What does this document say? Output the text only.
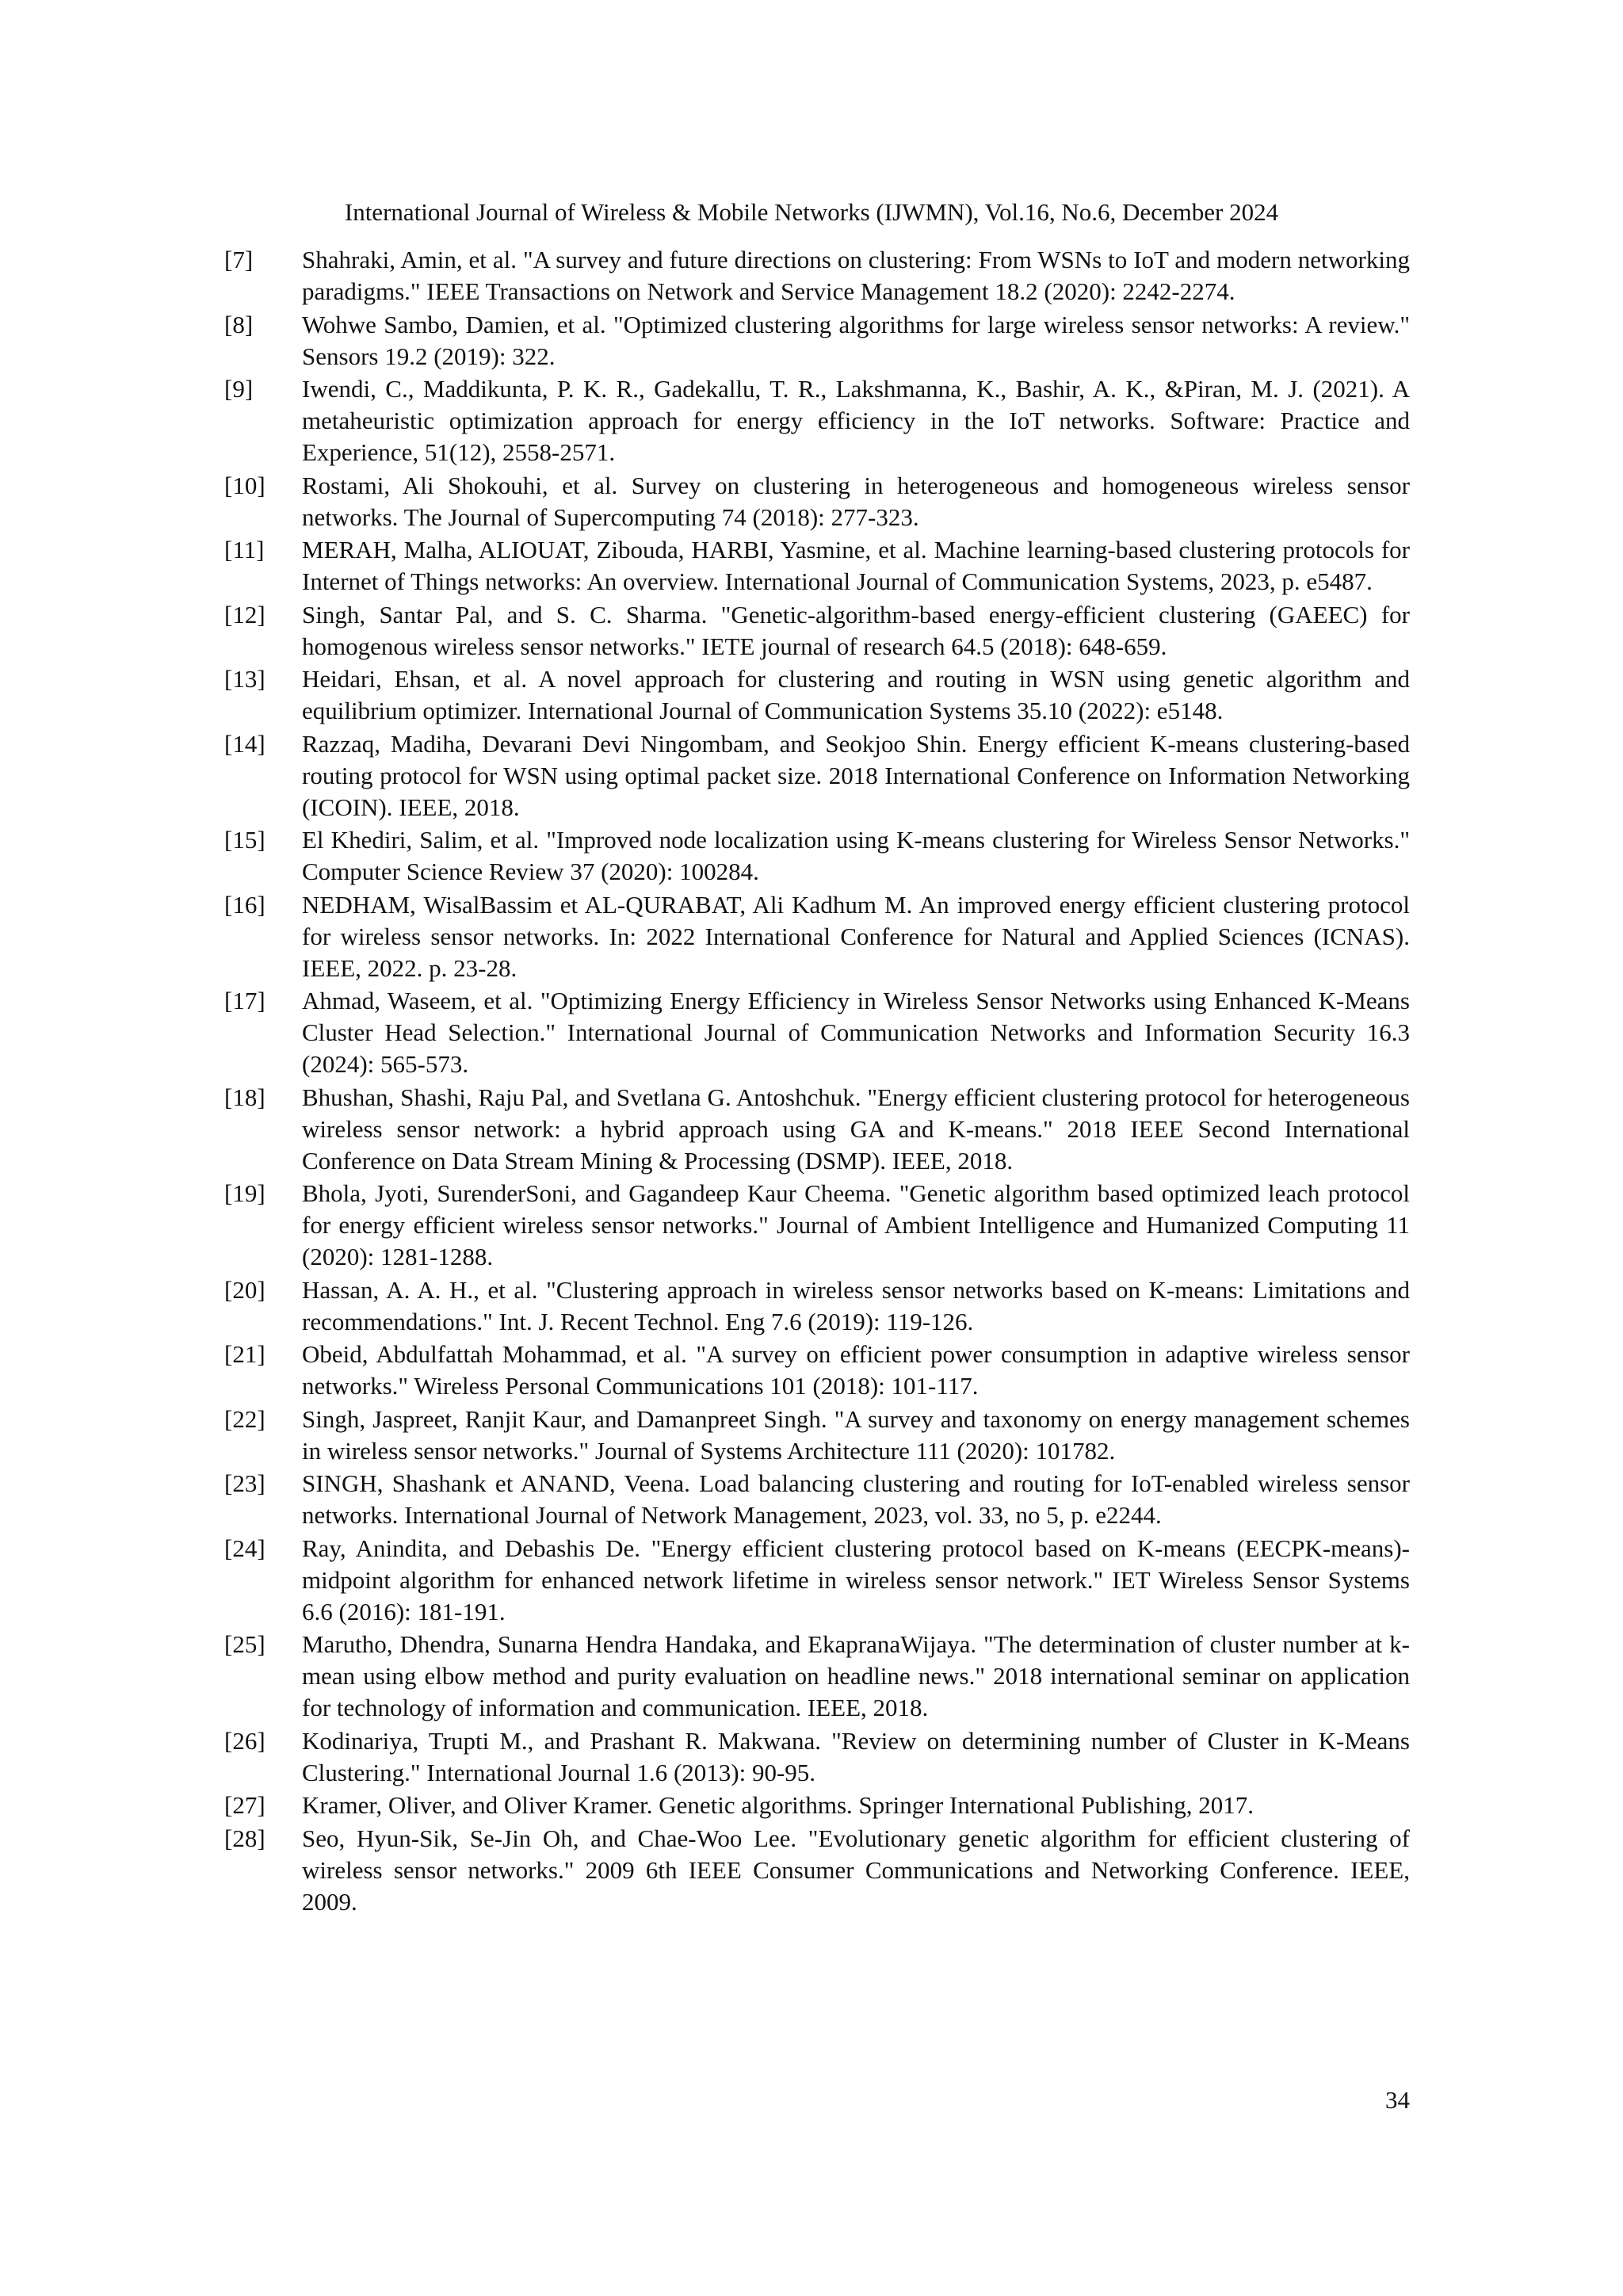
International Journal of Wireless & Mobile Networks (IJWMN), Vol.16, No.6, December 2024
[7]	Shahraki, Amin, et al. "A survey and future directions on clustering: From WSNs to IoT and modern networking paradigms." IEEE Transactions on Network and Service Management 18.2 (2020): 2242-2274.
[8]	Wohwe Sambo, Damien, et al. "Optimized clustering algorithms for large wireless sensor networks: A review." Sensors 19.2 (2019): 322.
[9]	Iwendi, C., Maddikunta, P. K. R., Gadekallu, T. R., Lakshmanna, K., Bashir, A. K., &Piran, M. J. (2021). A metaheuristic optimization approach for energy efficiency in the IoT networks. Software: Practice and Experience, 51(12), 2558-2571.
[10]	Rostami, Ali Shokouhi, et al. Survey on clustering in heterogeneous and homogeneous wireless sensor networks. The Journal of Supercomputing 74 (2018): 277-323.
[11]	MERAH, Malha, ALIOUAT, Zibouda, HARBI, Yasmine, et al. Machine learning-based clustering protocols for Internet of Things networks: An overview. International Journal of Communication Systems, 2023, p. e5487.
[12]	Singh, Santar Pal, and S. C. Sharma. "Genetic-algorithm-based energy-efficient clustering (GAEEC) for homogenous wireless sensor networks." IETE journal of research 64.5 (2018): 648-659.
[13]	Heidari, Ehsan, et al. A novel approach for clustering and routing in WSN using genetic algorithm and equilibrium optimizer. International Journal of Communication Systems 35.10 (2022): e5148.
[14]	Razzaq, Madiha, Devarani Devi Ningombam, and Seokjoo Shin. Energy efficient K-means clustering-based routing protocol for WSN using optimal packet size. 2018 International Conference on Information Networking (ICOIN). IEEE, 2018.
[15]	El Khediri, Salim, et al. "Improved node localization using K-means clustering for Wireless Sensor Networks." Computer Science Review 37 (2020): 100284.
[16]	NEDHAM, WisalBassim et AL-QURABAT, Ali Kadhum M. An improved energy efficient clustering protocol for wireless sensor networks. In: 2022 International Conference for Natural and Applied Sciences (ICNAS). IEEE, 2022. p. 23-28.
[17]	Ahmad, Waseem, et al. "Optimizing Energy Efficiency in Wireless Sensor Networks using Enhanced K-Means Cluster Head Selection." International Journal of Communication Networks and Information Security 16.3 (2024): 565-573.
[18]	Bhushan, Shashi, Raju Pal, and Svetlana G. Antoshchuk. "Energy efficient clustering protocol for heterogeneous wireless sensor network: a hybrid approach using GA and K-means." 2018 IEEE Second International Conference on Data Stream Mining & Processing (DSMP). IEEE, 2018.
[19]	Bhola, Jyoti, SurenderSoni, and Gagandeep Kaur Cheema. "Genetic algorithm based optimized leach protocol for energy efficient wireless sensor networks." Journal of Ambient Intelligence and Humanized Computing 11 (2020): 1281-1288.
[20]	Hassan, A. A. H., et al. "Clustering approach in wireless sensor networks based on K-means: Limitations and recommendations." Int. J. Recent Technol. Eng 7.6 (2019): 119-126.
[21]	Obeid, Abdulfattah Mohammad, et al. "A survey on efficient power consumption in adaptive wireless sensor networks." Wireless Personal Communications 101 (2018): 101-117.
[22]	Singh, Jaspreet, Ranjit Kaur, and Damanpreet Singh. "A survey and taxonomy on energy management schemes in wireless sensor networks." Journal of Systems Architecture 111 (2020): 101782.
[23]	SINGH, Shashank et ANAND, Veena. Load balancing clustering and routing for IoT-enabled wireless sensor networks. International Journal of Network Management, 2023, vol. 33, no 5, p. e2244.
[24]	Ray, Anindita, and Debashis De. "Energy efficient clustering protocol based on K-means (EECPK-means)-midpoint algorithm for enhanced network lifetime in wireless sensor network." IET Wireless Sensor Systems 6.6 (2016): 181-191.
[25]	Marutho, Dhendra, Sunarna Hendra Handaka, and EkapranaWijaya. "The determination of cluster number at k-mean using elbow method and purity evaluation on headline news." 2018 international seminar on application for technology of information and communication. IEEE, 2018.
[26]	Kodinariya, Trupti M., and Prashant R. Makwana. "Review on determining number of Cluster in K-Means Clustering." International Journal 1.6 (2013): 90-95.
[27]	Kramer, Oliver, and Oliver Kramer. Genetic algorithms. Springer International Publishing, 2017.
[28]	Seo, Hyun-Sik, Se-Jin Oh, and Chae-Woo Lee. "Evolutionary genetic algorithm for efficient clustering of wireless sensor networks." 2009 6th IEEE Consumer Communications and Networking Conference. IEEE, 2009.
34
